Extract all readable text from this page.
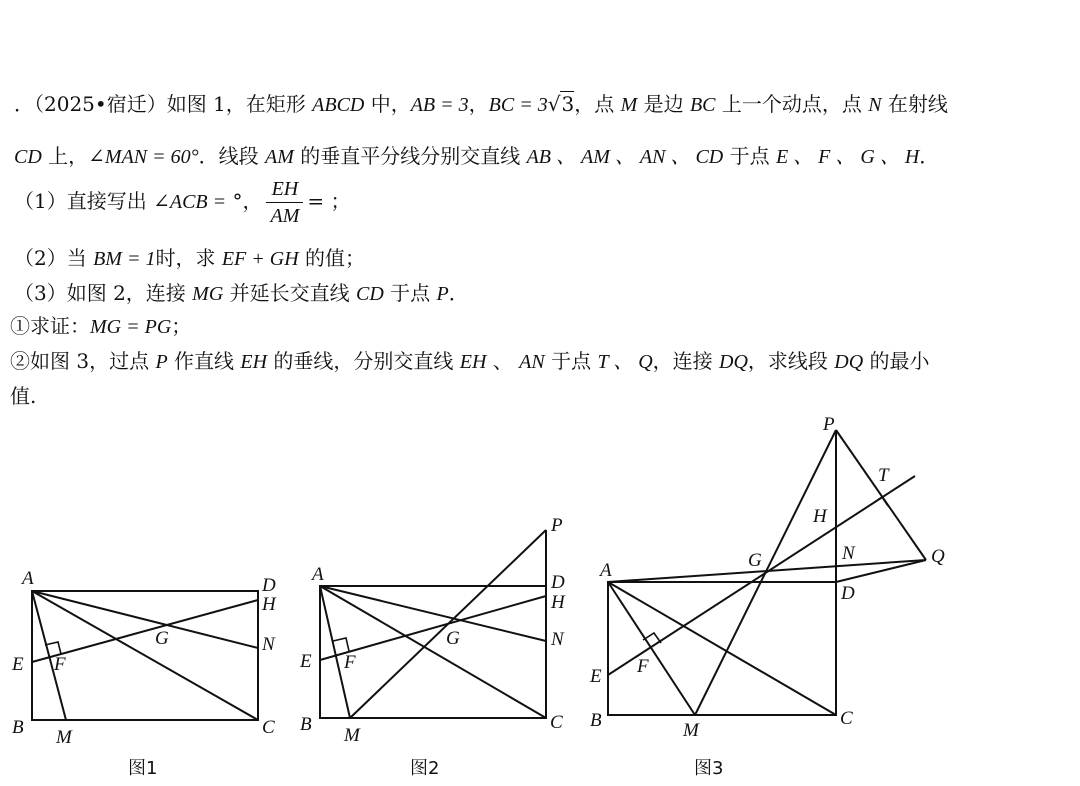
．（2025•宿迁）如图 1，在矩形 ABCD 中，AB = 3，BC = 3√3，点 M 是边 BC 上一个动点，点 N 在射线
CD 上，∠MAN = 60°．线段 AM 的垂直平分线分别交直线 AB 、 AM 、 AN 、 CD 于点 E 、 F 、 G 、 H．
（1）直接写出 ∠ACB = °， $\frac{EH}{AM}$ = ；
（2）当 BM = 1时，求 EF + GH 的值；
（3）如图 2，连接 MG 并延长交直线 CD 于点 P．
①求证：MG = PG；
②如图 3，过点 P 作直线 EH 的垂线，分别交直线 EH 、 AN 于点 T 、 Q，连接 DQ，求线段 DQ 的最小
值.
A	D
H
G	N
E F
B M	C
图1
P
A	D
H
G	N
E F
B
M
C
图2
P
T
H
G	N	Q
A
D
F
E
B	M
C
图3
